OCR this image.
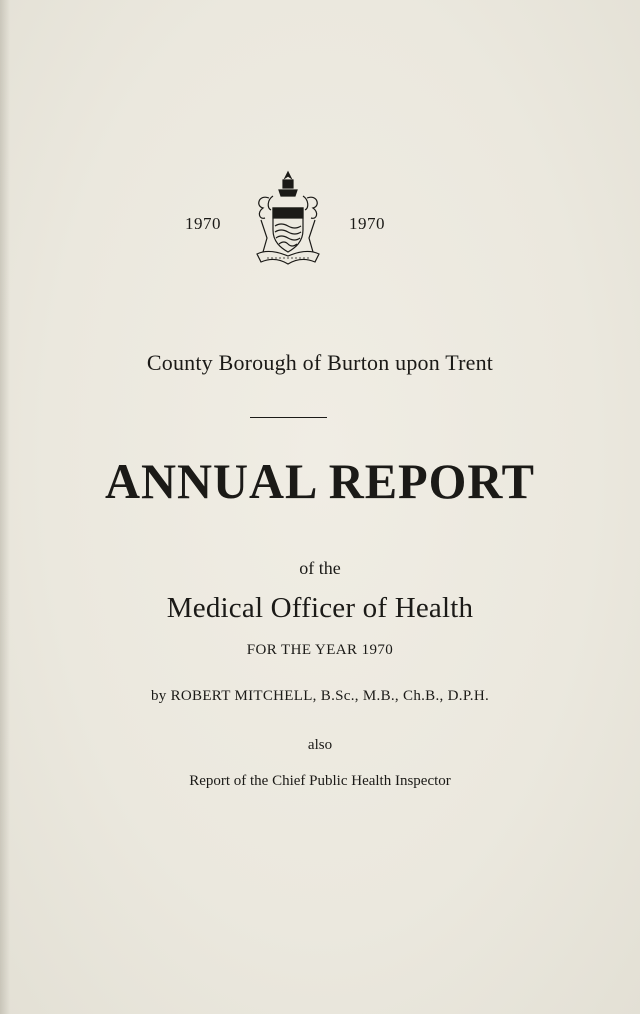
1970	1970
County Borough of Burton upon Trent
ANNUAL REPORT
of the
Medical Officer of Health
FOR THE YEAR 1970
by ROBERT MITCHELL, B.Sc., M.B., Ch.B., D.P.H.
also
Report of the Chief Public Health Inspector
